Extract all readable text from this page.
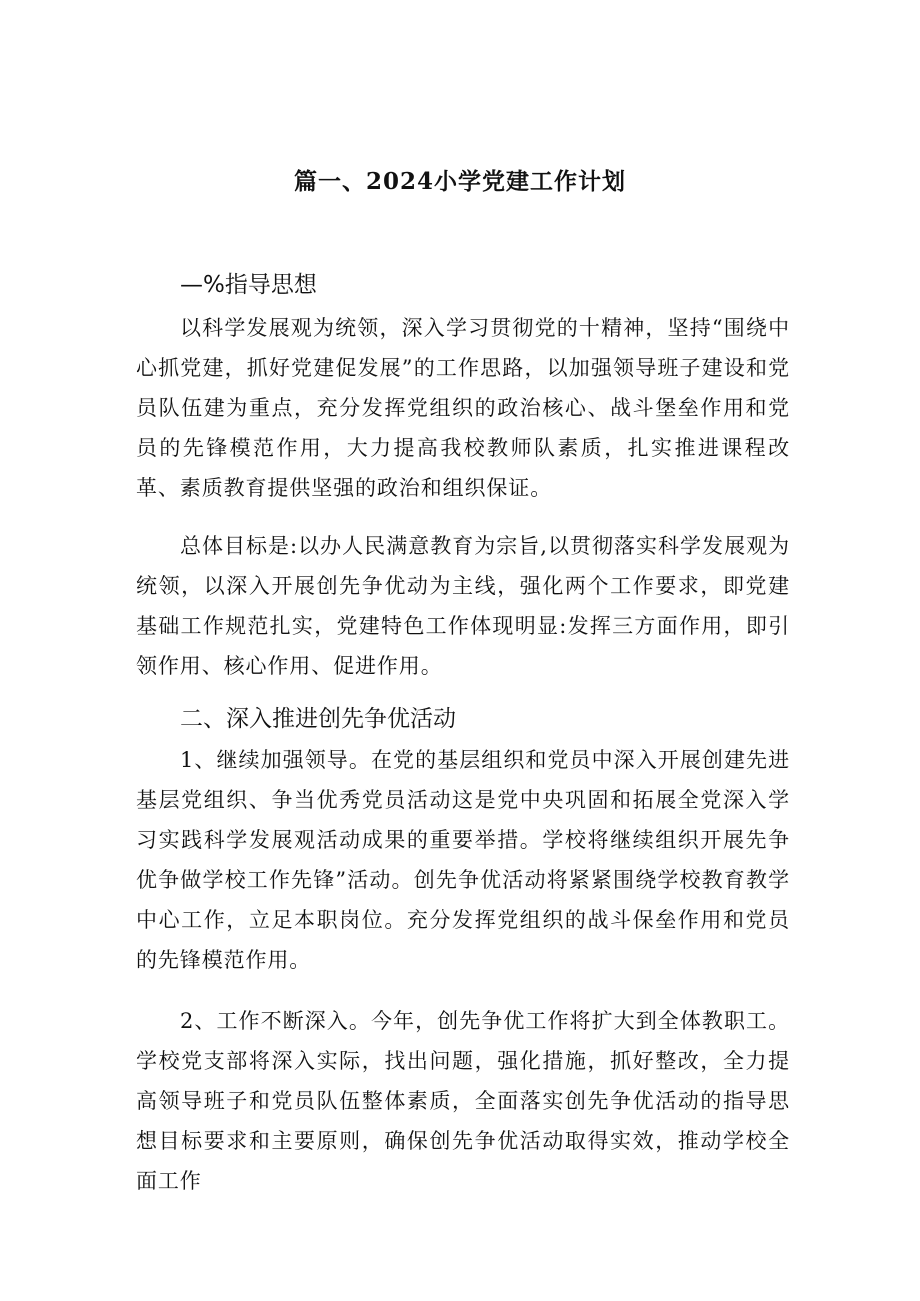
篇一、2024小学党建工作计划
—%指导思想

以科学发展观为统领，深入学习贯彻党的十精神，坚持“围绕中心抓党建，抓好党建促发展”的工作思路，以加强领导班子建设和党员队伍建为重点，充分发挥党组织的政治核心、战斗堡垒作用和党员的先锋模范作用，大力提高我校教师队素质，扎实推进课程改革、素质教育提供坚强的政治和组织保证。

总体目标是:以办人民满意教育为宗旨,以贯彻落实科学发展观为统领，以深入开展创先争优动为主线，强化两个工作要求，即党建基础工作规范扎实，党建特色工作体现明显:发挥三方面作用，即引领作用、核心作用、促进作用。

二、深入推进创先争优活动

1、继续加强领导。在党的基层组织和党员中深入开展创建先进基层党组织、争当优秀党员活动这是党中央巩固和拓展全党深入学习实践科学发展观活动成果的重要举措。学校将继续组织开展先争优争做学校工作先锋”活动。创先争优活动将紧紧围绕学校教育教学中心工作，立足本职岗位。充分发挥党组织的战斗保垒作用和党员的先锋模范作用。

2、工作不断深入。今年，创先争优工作将扩大到全体教职工。学校党支部将深入实际，找出问题，强化措施，抓好整改，全力提高领导班子和党员队伍整体素质，全面落实创先争优活动的指导思想目标要求和主要原则，确保创先争优活动取得实效，推动学校全面工作
